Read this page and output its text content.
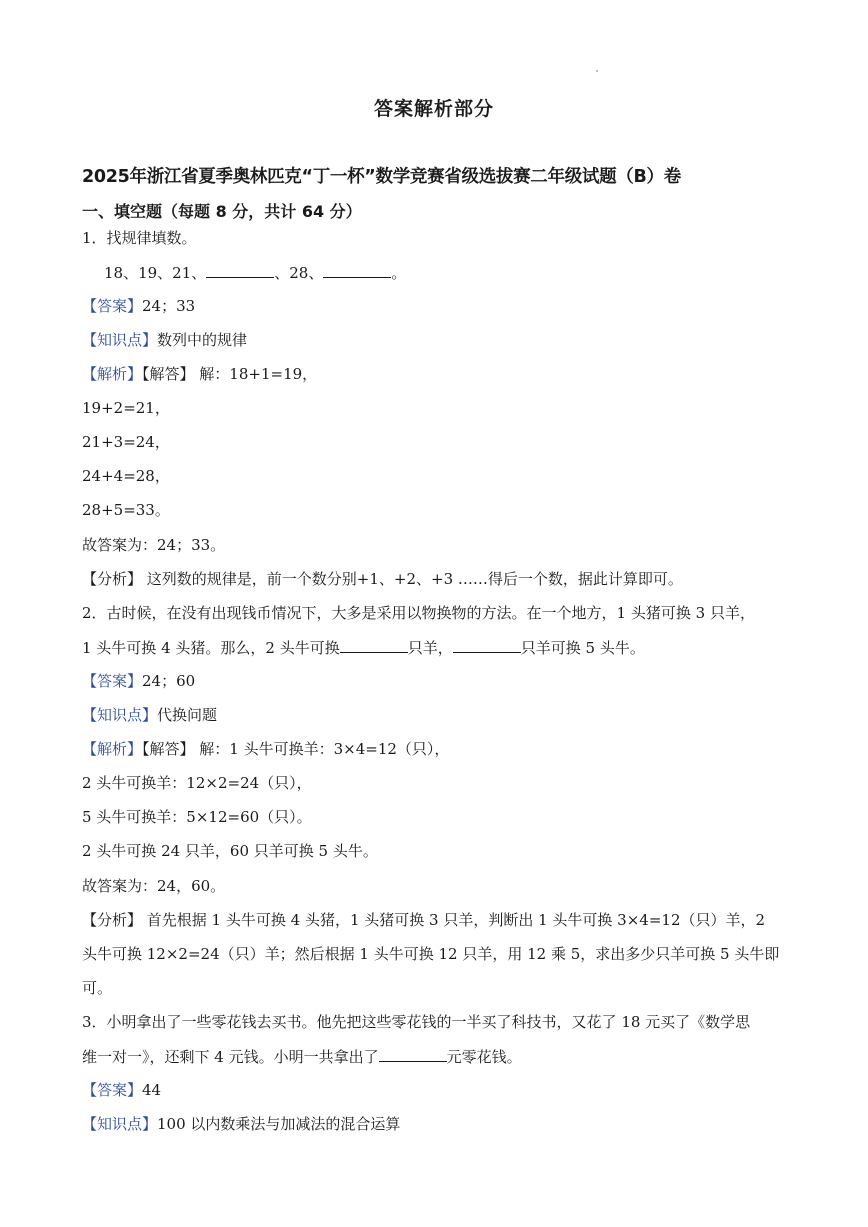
答案解析部分
2025年浙江省夏季奥林匹克“丁一杯”数学竞赛省级选拔赛二年级试题（B）卷
一、填空题（每题 8 分，共计 64 分）
1．找规律填数。
18、19、21、	、28、	。
【答案】24；33
【知识点】数列中的规律
【解析】【解答】 解：18+1=19，
19+2=21，
21+3=24，
24+4=28，
28+5=33。
故答案为：24；33。
【分析】 这列数的规律是，前一个数分别+1、+2、+3 ……得后一个数，据此计算即可。
2．古时候，在没有出现钱币情况下，大多是采用以物换物的方法。在一个地方，1 头猪可换 3 只羊，
1 头牛可换 4 头猪。那么，2 头牛可换	只羊，	只羊可换 5 头牛。
【答案】24；60
【知识点】代换问题
【解析】【解答】 解：1 头牛可换羊：3×4=12（只），
2 头牛可换羊：12×2=24（只），
5 头牛可换羊：5×12=60（只）。
2 头牛可换 24 只羊，60 只羊可换 5 头牛。
故答案为：24，60。
【分析】 首先根据 1 头牛可换 4 头猪，1 头猪可换 3 只羊，判断出 1 头牛可换 3×4=12（只）羊，2
头牛可换 12×2=24（只）羊；然后根据 1 头牛可换 12 只羊，用 12 乘 5，求出多少只羊可换 5 头牛即
可。
3．小明拿出了一些零花钱去买书。他先把这些零花钱的一半买了科技书，又花了 18 元买了《数学思
维一对一》，还剩下 4 元钱。小明一共拿出了	元零花钱。
【答案】44
【知识点】100 以内数乘法与加减法的混合运算
